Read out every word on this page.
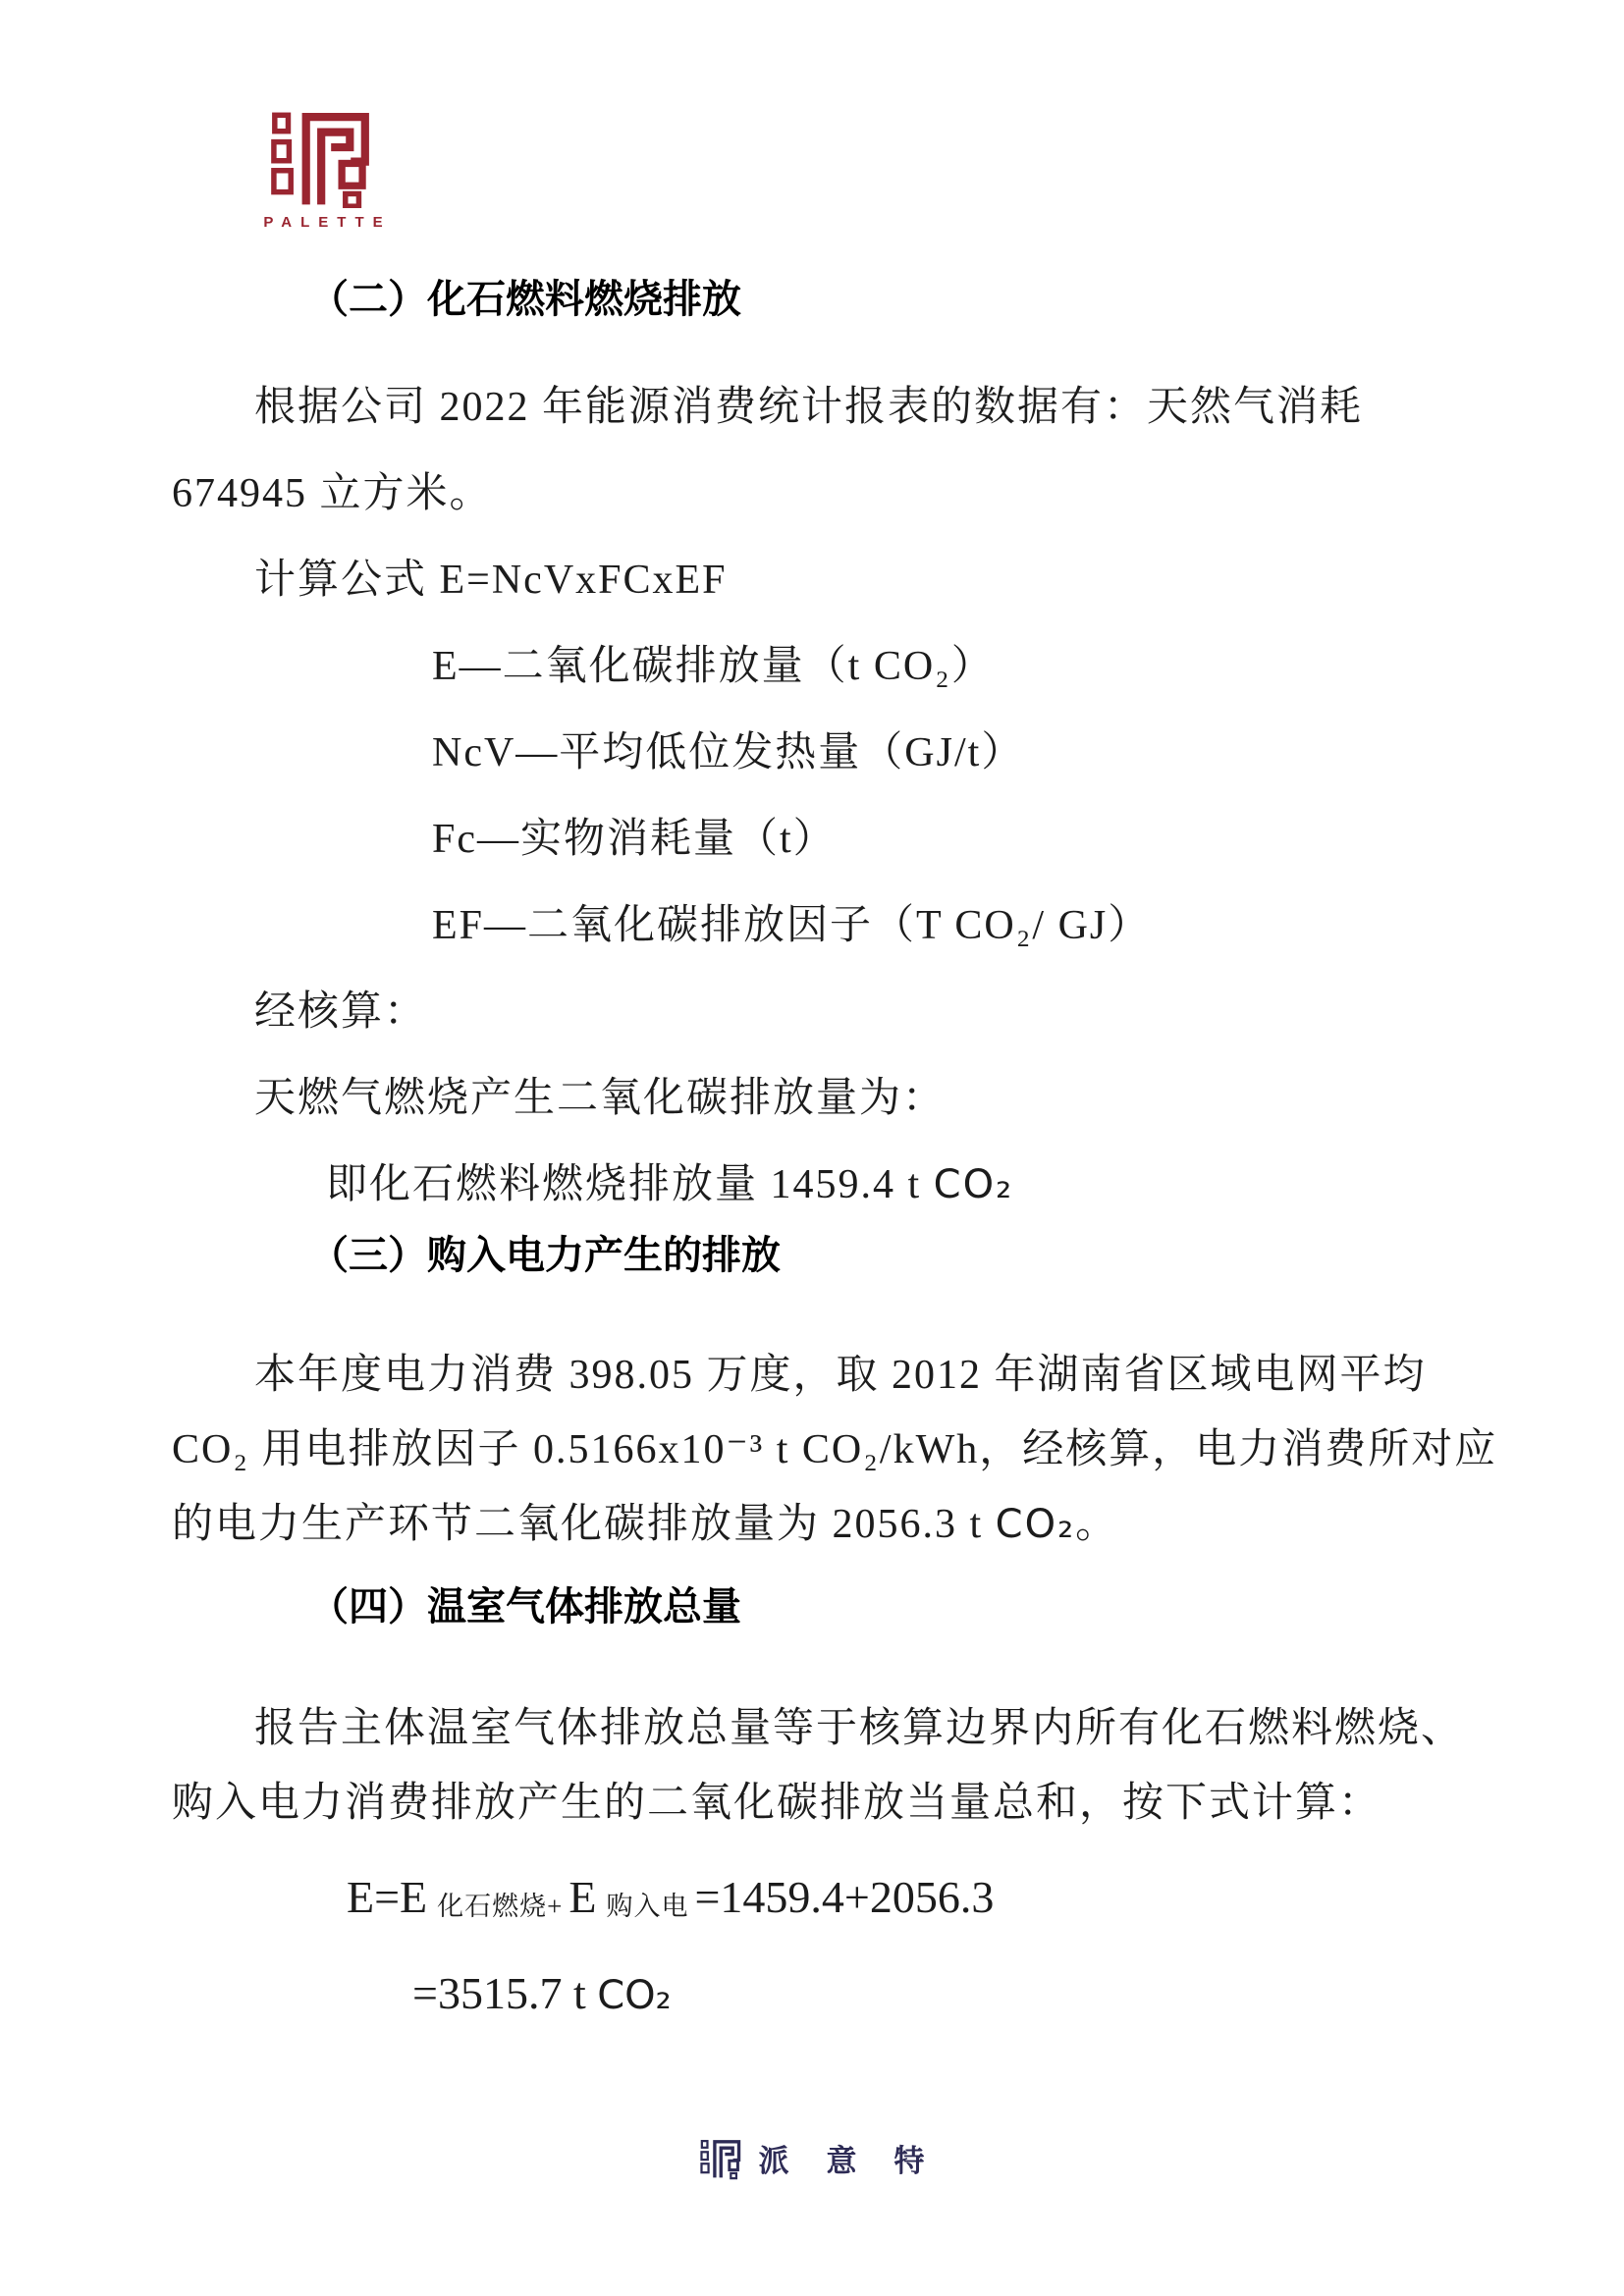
PALETTE
（二）化石燃料燃烧排放

根据公司 2022 年能源消费统计报表的数据有：天然气消耗

674945 立方米。

计算公式 E=NcVxFCxEF

E—二氧化碳排放量（t CO₂）

NcV—平均低位发热量（GJ/t）

Fc—实物消耗量（t）

EF—二氧化碳排放因子（T CO₂/ GJ）

经核算：

天燃气燃烧产生二氧化碳排放量为：

即化石燃料燃烧排放量 1459.4 t CO₂

（三）购入电力产生的排放

本年度电力消费 398.05 万度，取 2012 年湖南省区域电网平均

CO₂ 用电排放因子 0.5166x10⁻³ t CO₂/kWh，经核算，电力消费所对应

的电力生产环节二氧化碳排放量为 2056.3 t CO₂。

（四）温室气体排放总量

报告主体温室气体排放总量等于核算边界内所有化石燃料燃烧、

购入电力消费排放产生的二氧化碳排放当量总和，按下式计算：

E=E 化石燃烧+ E 购入电 =1459.4+2056.3

=3515.7 t CO₂

派意特
